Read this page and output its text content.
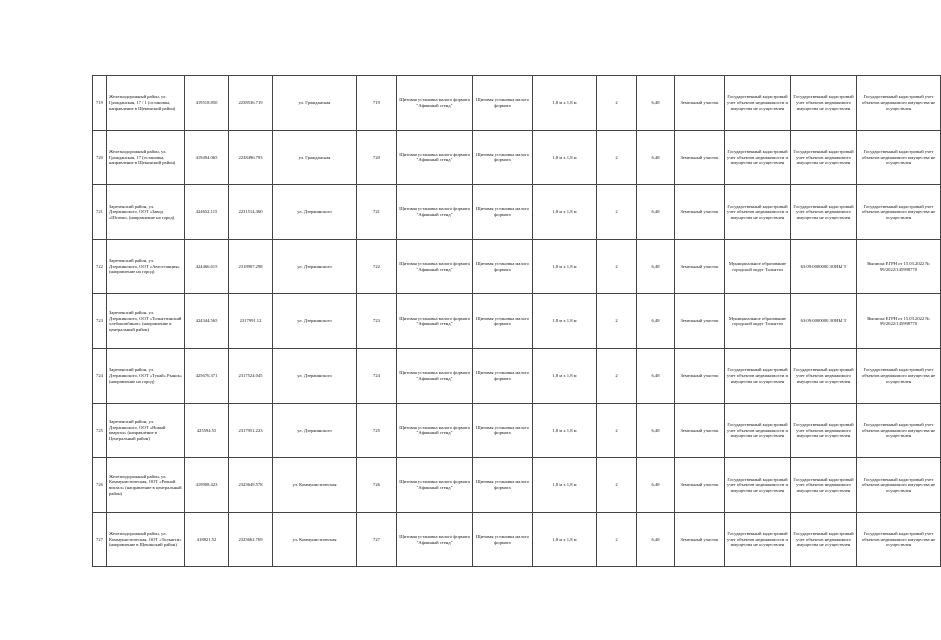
719	Железнодорожный район, ул. Гражданская, 17 / 1 (остановка, направление в Щекинский район)	419518.850	2238536.719	ул. Гражданская	719	Щитовая установка малого формата "Афишный стенд"	Щитовая установка малого формата	1,8 м x 1,8 м	2	6,48	Земельный участок	Государственный кадастровый учет объектов недвижимости и имущества не осуществлен	Государственный кадастровый учет объектов недвижимого имущества не осуществлен	Государственный кадастровый учет объектов недвижимого имущества не осуществлен
720	Железнодорожный район, ул. Гражданская, 17 (остановка, направление в Щекинский район)	419494.065	2238496.793	ул. Гражданская	720	Щитовая установка малого формата "Афишный стенд"	Щитовая установка малого формата	1,8 м x 1,8 м	2	6,48	Земельный участок	Государственный кадастровый учет объектов недвижимости и имущества не осуществлен	Государственный кадастровый учет объектов недвижимого имущества не осуществлен	Государственный кадастровый учет объектов недвижимого имущества не осуществлен
721	Зареченский район, ул. Дзержинского, ООТ «Завод «Штамп» (направление на город)	424652.115	2231514.360	ул. Дзержинского	721	Щитовая установка малого формата "Афишный стенд"	Щитовая установка малого формата	1,8 м x 1,8 м	2	6,48	Земельный участок	Государственный кадастровый учет объектов недвижимости и имущества не осуществлен	Государственный кадастровый учет объектов недвижимого имущества не осуществлен	Государственный кадастровый учет объектов недвижимого имущества не осуществлен
722	Зареченский район, ул. Дзержинского, ООТ «Автостанция» (направление на город)	424466.615	2318907.298	ул. Дзержинского	722	Щитовая установка малого формата "Афишный стенд"	Щитовая установка малого формата	1,8 м x 1,8 м	2	6,48	Земельный участок	Муниципальное образование городской округ Тольятти	63:09:0000000 ЗОНЫ Т	Выписка ЕГРН от 15.03.2022 № 99/2022/145998770
723	Зареченский район, ул. Дзержинского, ООТ «Тольяттинский хлебокомбинат» (направление в центральный район)	424344.565	2317991.12	ул. Дзержинского	723	Щитовая установка малого формата "Афишный стенд"	Щитовая установка малого формата	1,8 м x 1,8 м	2	6,48	Земельный участок	Муниципальное образование городской округ Тольятти	63:09:0000000 ЗОНЫ Т	Выписка ЕГРН от 15.03.2022 № 99/2022/145998770
724	Зареченский район, ул. Дзержинского, ООТ «Тукай» Рынок» (направление на город)	425676.371	2317524.045	ул. Дзержинского	724	Щитовая установка малого формата "Афишный стенд"	Щитовая установка малого формата	1,8 м x 1,8 м	2	6,48	Земельный участок	Государственный кадастровый учет объектов недвижимости и имущества не осуществлен	Государственный кадастровый учет объектов недвижимого имущества не осуществлен	Государственный кадастровый учет объектов недвижимого имущества не осуществлен
725	Зареченский район, ул. Дзержинского, ООТ «Новый квартал» (направление в Центральный район)	425594.55	2317951.223	ул. Дзержинского	725	Щитовая установка малого формата "Афишный стенд"	Щитовая установка малого формата	1,8 м x 1,8 м	2	6,48	Земельный участок	Государственный кадастровый учет объектов недвижимости и имущества не осуществлен	Государственный кадастровый учет объектов недвижимого имущества не осуществлен	Государственный кадастровый учет объектов недвижимого имущества не осуществлен
726	Железнодорожный район, ул. Коммунистическая, ООТ «Речной вокзал» (направление в центральный район)	419908.423	2325649.578	ул. Коммунистическая	726	Щитовая установка малого формата "Афишный стенд"	Щитовая установка малого формата	1,8 м x 1,8 м	2	6,48	Земельный участок	Государственный кадастровый учет объектов недвижимости и имущества не осуществлен	Государственный кадастровый учет объектов недвижимого имущества не осуществлен	Государственный кадастровый учет объектов недвижимого имущества не осуществлен
727	Железнодорожный район, ул. Коммунистическая, ООТ «Тольятти» (направление в Щекинский район)	418821.52	2325662.769	ул. Коммунистическая	727	Щитовая установка малого формата "Афишный стенд"	Щитовая установка малого формата	1,8 м x 1,8 м	2	6,48	Земельный участок	Государственный кадастровый учет объектов недвижимости и имущества не осуществлен	Государственный кадастровый учет объектов недвижимого имущества не осуществлен	Государственный кадастровый учет объектов недвижимого имущества не осуществлен
